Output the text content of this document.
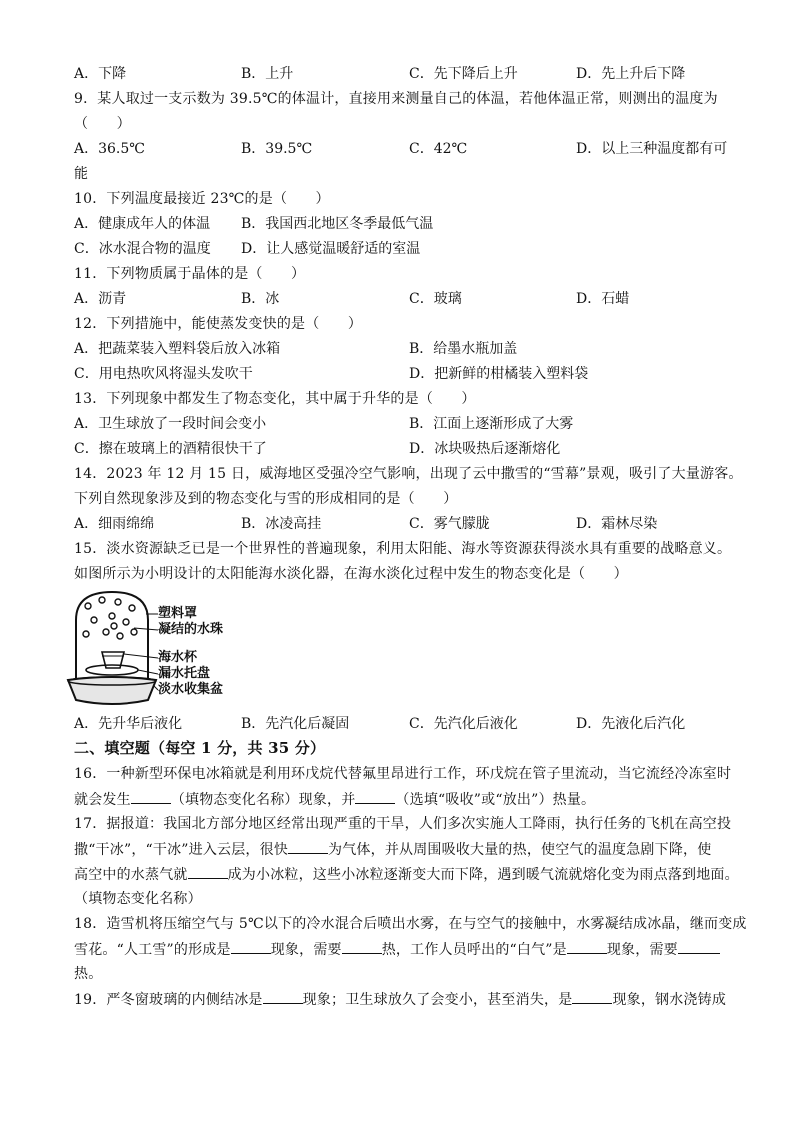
A．下降	B．上升	C．先下降后上升	D．先上升后下降
9．某人取过一支示数为 39.5℃的体温计，直接用来测量自己的体温，若他体温正常，则测出的温度为
（　　）
A．36.5℃	B．39.5℃	C．42℃	D．以上三种温度都有可
能
10．下列温度最接近 23℃的是（　　）
A．健康成年人的体温 B．我国西北地区冬季最低气温
C．冰水混合物的温度 D．让人感觉温暖舒适的室温
11．下列物质属于晶体的是（　　）
A．沥青	B．冰	C．玻璃	D．石蜡
12．下列措施中，能使蒸发变快的是（　　）
A．把蔬菜装入塑料袋后放入冰箱	B．给墨水瓶加盖
C．用电热吹风将湿头发吹干	D．把新鲜的柑橘装入塑料袋
13．下列现象中都发生了物态变化，其中属于升华的是（　　）
A．卫生球放了一段时间会变小	B．江面上逐渐形成了大雾
C．擦在玻璃上的酒精很快干了	D．冰块吸热后逐渐熔化
14．2023 年 12 月 15 日，威海地区受强冷空气影响，出现了云中撒雪的“雪幕”景观，吸引了大量游客。
下列自然现象涉及到的物态变化与雪的形成相同的是（　　）
A．细雨绵绵	B．冰凌高挂	C．雾气朦胧	D．霜林尽染
15．淡水资源缺乏已是一个世界性的普遍现象，利用太阳能、海水等资源获得淡水具有重要的战略意义。
如图所示为小明设计的太阳能海水淡化器，在海水淡化过程中发生的物态变化是（　　）
塑料罩
凝结的水珠
海水杯
漏水托盘
淡水收集盆
A．先升华后液化	B．先汽化后凝固	C．先汽化后液化	D．先液化后汽化
二、填空题（每空 1 分，共 35 分）
16．一种新型环保电冰箱就是利用环戊烷代替氟里昂进行工作，环戊烷在管子里流动，当它流经冷冻室时
就会发生	（填物态变化名称）现象，并	（选填“吸收”或“放出”）热量。
17．据报道：我国北方部分地区经常出现严重的干旱，人们多次实施人工降雨，执行任务的飞机在高空投
撒“干冰”，“干冰”进入云层，很快	为气体，并从周围吸收大量的热，使空气的温度急剧下降，使
高空中的水蒸气就	成为小冰粒，这些小冰粒逐渐变大而下降，遇到暖气流就熔化变为雨点落到地面。
（填物态变化名称）
18．造雪机将压缩空气与 5℃以下的冷水混合后喷出水雾，在与空气的接触中，水雾凝结成冰晶，继而变成
雪花。“人工雪”的形成是	现象，需要	热，工作人员呼出的“白气”是	现象，需要
热。
19．严冬窗玻璃的内侧结冰是	现象；卫生球放久了会变小，甚至消失，是	现象，钢水浇铸成
